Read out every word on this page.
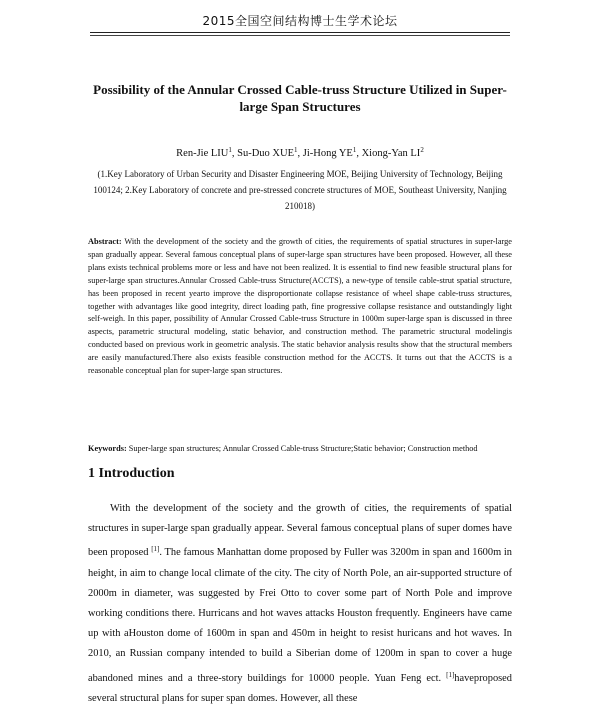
2015全国空间结构博士生学术论坛
Possibility of the Annular Crossed Cable-truss Structure Utilized in Super-large Span Structures
Ren-Jie LIU$^1$, Su-Duo XUE$^1$, Ji-Hong $YE^1$, Xiong-Yan $LI^2$
(1.Key Laboratory of Urban Security and Disaster Engineering MOE, Beijing University of Technology, Beijing 100124; 2.Key Laboratory of concrete and pre-stressed concrete structures of MOE, Southeast University, Nanjing 210018)
Abstract: With the development of the society and the growth of cities, the requirements of spatial structures in super-large span gradually appear. Several famous conceptual plans of super-large span structures have been proposed. However, all these plans exists technical problems more or less and have not been realized. It is essential to find new feasible structural plans for super-large span structures.Annular Crossed Cable-truss Structure(ACCTS), a new-type of tensile cable-strut spatial structure, has been proposed in recent yearto improve the disproportionate collapse resistance of wheel shape cable-truss structures, together with advantages like good integrity, direct loading path, fine progressive collapse resistance and outstandingly light self-weigh. In this paper, possibility of Annular Crossed Cable-truss Structure in 1000m super-large span is discussed in three aspects, parametric structural modeling, static behavior, and construction method. The parametric structural modelingis conducted based on previous work in geometric analysis. The static behavior analysis results show that the structural members are easily manufactured.There also exists feasible construction method for the ACCTS. It turns out that the ACCTS is a reasonable conceptual plan for super-large span structures.
Keywords: Super-large span structures; Annular Crossed Cable-truss Structure;Static behavior; Construction method
1 Introduction

With the development of the society and the growth of cities, the requirements of spatial structures in super-large span gradually appear. Several famous conceptual plans of super domes have been proposed [1]. The famous Manhattan dome proposed by Fuller was 3200m in span and 1600m in height, in aim to change local climate of the city. The city of North Pole, an air-supported structure of 2000m in diameter, was suggested by Frei Otto to cover some part of North Pole and improve working conditions there. Hurricans and hot waves attacks Houston frequently. Engineers have came up with aHouston dome of 1600m in span and 450m in height to resist huricans and hot waves. In 2010, an Russian company intended to build a Siberian dome of 1200m in span to cover a huge abandoned mines and a three-story buildings for 10000 people. Yuan Feng ect. [1]haveproposed several structural plans for super span domes. However, all these
